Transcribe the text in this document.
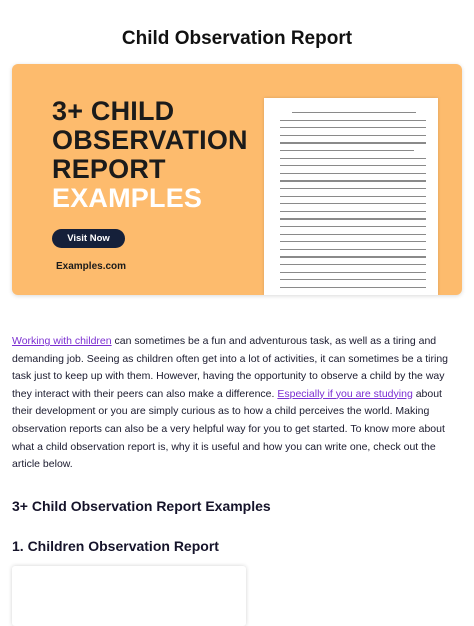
Child Observation Report
3+ CHILD
OBSERVATION
REPORT
EXAMPLES
Visit Now
Examples.com

Working with children can sometimes be a fun and adventurous task, as well as a tiring and demanding job. Seeing as children often get into a lot of activities, it can sometimes be a tiring task just to keep up with them. However, having the opportunity to observe a child by the way they interact with their peers can also make a difference. Especially if you are studying about their development or you are simply curious as to how a child perceives the world. Making observation reports can also be a very helpful way for you to get started. To know more about what a child observation report is, why it is useful and how you can write one, check out the article below.

3+ Child Observation Report Examples
1. Children Observation Report
